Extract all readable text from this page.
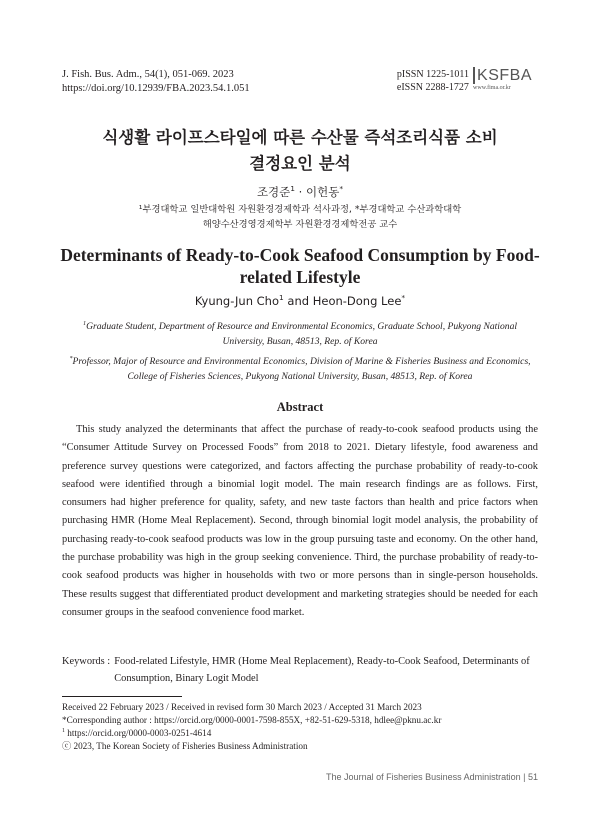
J. Fish. Bus. Adm., 54(1), 051-069. 2023
https://doi.org/10.12939/FBA.2023.54.1.051
pISSN 1225-1011
eISSN 2288-1727
KSFBA
www.fima.or.kr
식생활 라이프스타일에 따른 수산물 즉석조리식품 소비
결정요인 분석
조경준$^1$ · 이헌동*
¹부경대학교 일반대학원 자원환경경제학과 석사과정, *부경대학교 수산과학대학
해양수산경영경제학부 자원환경경제학전공 교수
Determinants of Ready-to-Cook Seafood Consumption by Food-related Lifestyle
Kyung-Jun Cho$^1$ and Heon-Dong Lee*

$^1$Graduate Student, Department of Resource and Environmental Economics, Graduate School, Pukyong National University, Busan, 48513, Rep. of Korea

*Professor, Major of Resource and Environmental Economics, Division of Marine & Fisheries Business and Economics, College of Fisheries Sciences, Pukyong National University, Busan, 48513, Rep. of Korea

Abstract

This study analyzed the determinants that affect the purchase of ready-to-cook seafood products using the “Consumer Attitude Survey on Processed Foods” from 2018 to 2021. Dietary lifestyle, food awareness and preference survey questions were categorized, and factors affecting the purchase probability of ready-to-cook seafood were identified through a binomial logit model. The main research findings are as follows. First, consumers had higher preference for quality, safety, and new taste factors than health and price factors when purchasing HMR (Home Meal Replacement). Second, through binomial logit model analysis, the probability of purchasing ready-to-cook seafood products was low in the group pursuing taste and economy. On the other hand, the purchase probability was high in the group seeking convenience. Third, the purchase probability of ready-to-cook seafood products was higher in households with two or more persons than in single-person households. These results suggest that differentiated product development and marketing strategies should be needed for each consumer groups in the seafood convenience food market.

Keywords : Food-related Lifestyle, HMR (Home Meal Replacement), Ready-to-Cook Seafood, Determinants of Consumption, Binary Logit Model
Received 22 February 2023 / Received in revised form 30 March 2023 / Accepted 31 March 2023
*Corresponding author : https://orcid.org/0000-0001-7598-855X, +82-51-629-5318, hdlee@pknu.ac.kr
$^1$ https://orcid.org/0000-0003-0251-4614
ⓒ 2023, The Korean Society of Fisheries Business Administration
The Journal of Fisheries Business Administration | 51
